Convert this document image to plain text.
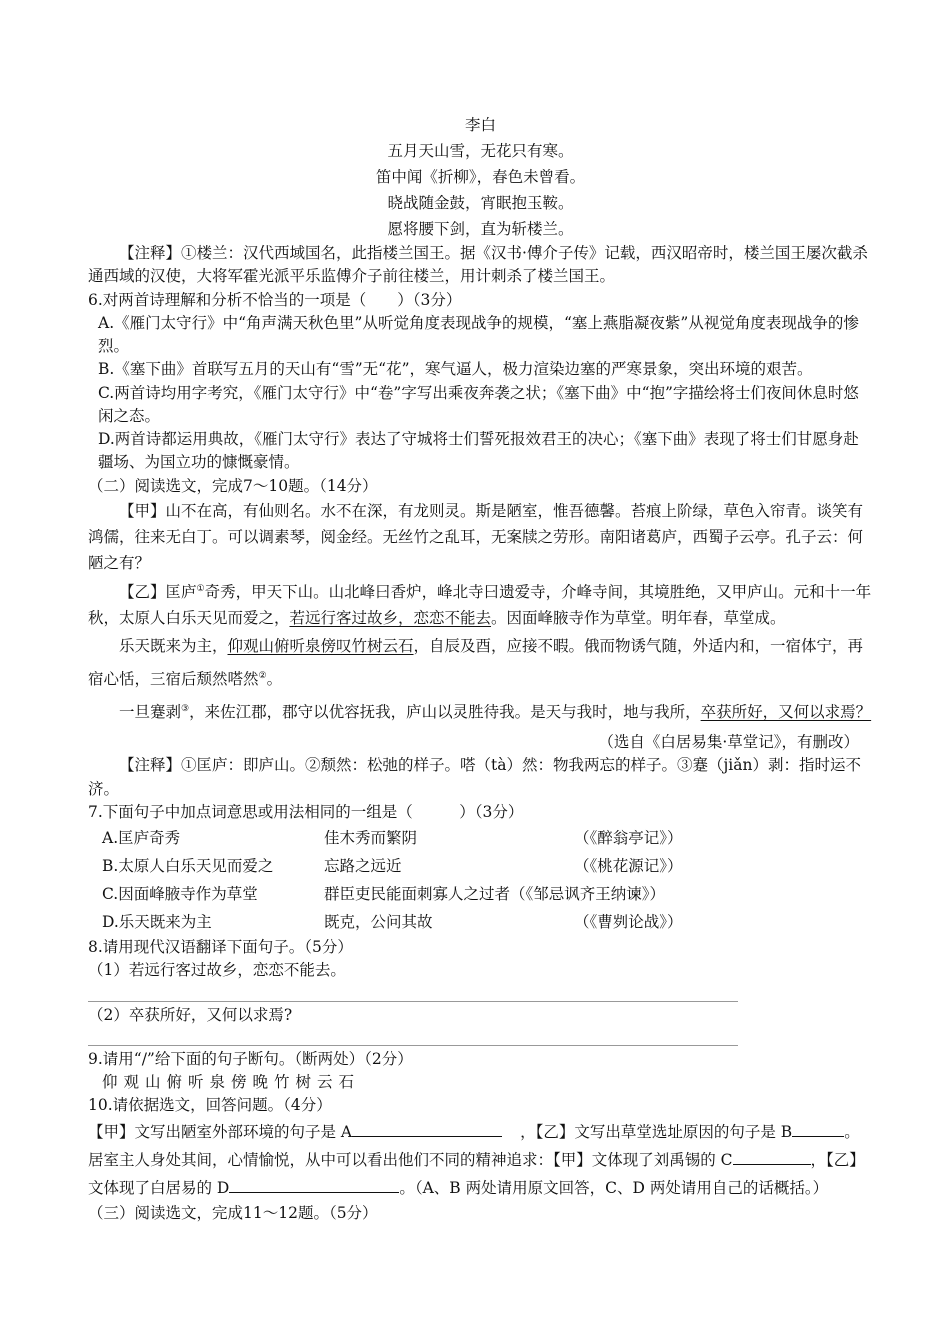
李白

五月天山雪，无花只有寒。

笛中闻《折柳》，春色未曾看。

晓战随金鼓，宵眠抱玉鞍。

愿将腰下剑，直为斩楼兰。

【注释】①楼兰：汉代西域国名，此指楼兰国王。据《汉书·傅介子传》记载，西汉昭帝时，楼兰国王屡次截杀通西域的汉使，大将军霍光派平乐监傅介子前往楼兰，用计刺杀了楼兰国王。

6.对两首诗理解和分析不恰当的一项是（　　）（3分）

A.《雁门太守行》中“角声满天秋色里”从听觉角度表现战争的规模，“塞上燕脂凝夜紫”从视觉角度表现战争的惨烈。

B.《塞下曲》首联写五月的天山有“雪”无“花”，寒气逼人，极力渲染边塞的严寒景象，突出环境的艰苦。

C.两首诗均用字考究，《雁门太守行》中“卷”字写出乘夜奔袭之状；《塞下曲》中“抱”字描绘将士们夜间休息时悠闲之态。

D.两首诗都运用典故，《雁门太守行》表达了守城将士们誓死报效君王的决心；《塞下曲》表现了将士们甘愿身赴疆场、为国立功的慷慨豪情。

（二）阅读选文，完成7～10题。（14分）

【甲】山不在高，有仙则名。水不在深，有龙则灵。斯是陋室，惟吾德馨。苔痕上阶绿，草色入帘青。谈笑有鸿儒，往来无白丁。可以调素琴，阅金经。无丝竹之乱耳，无案牍之劳形。南阳诸葛庐，西蜀子云亭。孔子云：何陋之有？

【乙】匡庐①奇秀，甲天下山。山北峰曰香炉，峰北寺曰遗爱寺，介峰寺间，其境胜绝，又甲庐山。元和十一年秋，太原人白乐天见而爱之，若远行客过故乡，恋恋不能去。因面峰腋寺作为草堂。明年春，草堂成。

乐天既来为主，仰观山俯听泉傍叹竹树云石，自辰及酉，应接不暇。俄而物诱气随，外适内和，一宿体宁，再宿心恬，三宿后颓然嗒然②。

一旦蹇剥③，来佐江郡，郡守以优容抚我，庐山以灵胜待我。是天与我时，地与我所，卒获所好，又何以求焉？

（选自《白居易集·草堂记》，有删改）

【注释】①匡庐：即庐山。②颓然：松弛的样子。嗒（tà）然：物我两忘的样子。③蹇（jiǎn）剥：指时运不济。

7.下面句子中加点词意思或用法相同的一组是（　　　）（3分）

A.匡庐奇秀	佳木秀而繁阴	（《醉翁亭记》）
B.太原人白乐天见而爱之	忘路之远近	（《桃花源记》）
C.因面峰腋寺作为草堂	群臣吏民能面刺寡人之过者（《邹忌讽齐王纳谏》）
D.乐天既来为主	既克，公问其故	（《曹刿论战》）

8.请用现代汉语翻译下面句子。（5分）

（1）若远行客过故乡，恋恋不能去。

（2）卒获所好，又何以求焉?

9.请用“/”给下面的句子断句。（断两处）（2分）

仰观山俯听泉傍晚竹树云石

10.请依据选文，回答问题。（4分）

【甲】文写出陋室外部环境的句子是 A	，【乙】文写出草堂选址原因的句子是 B	。居室主人身处其间，心情愉悦，从中可以看出他们不同的精神追求：【甲】文体现了刘禹锡的 C	，【乙】文体现了白居易的 D	。（A、B 两处请用原文回答，C、D 两处请用自己的话概括。）

（三）阅读选文，完成11～12题。（5分）
